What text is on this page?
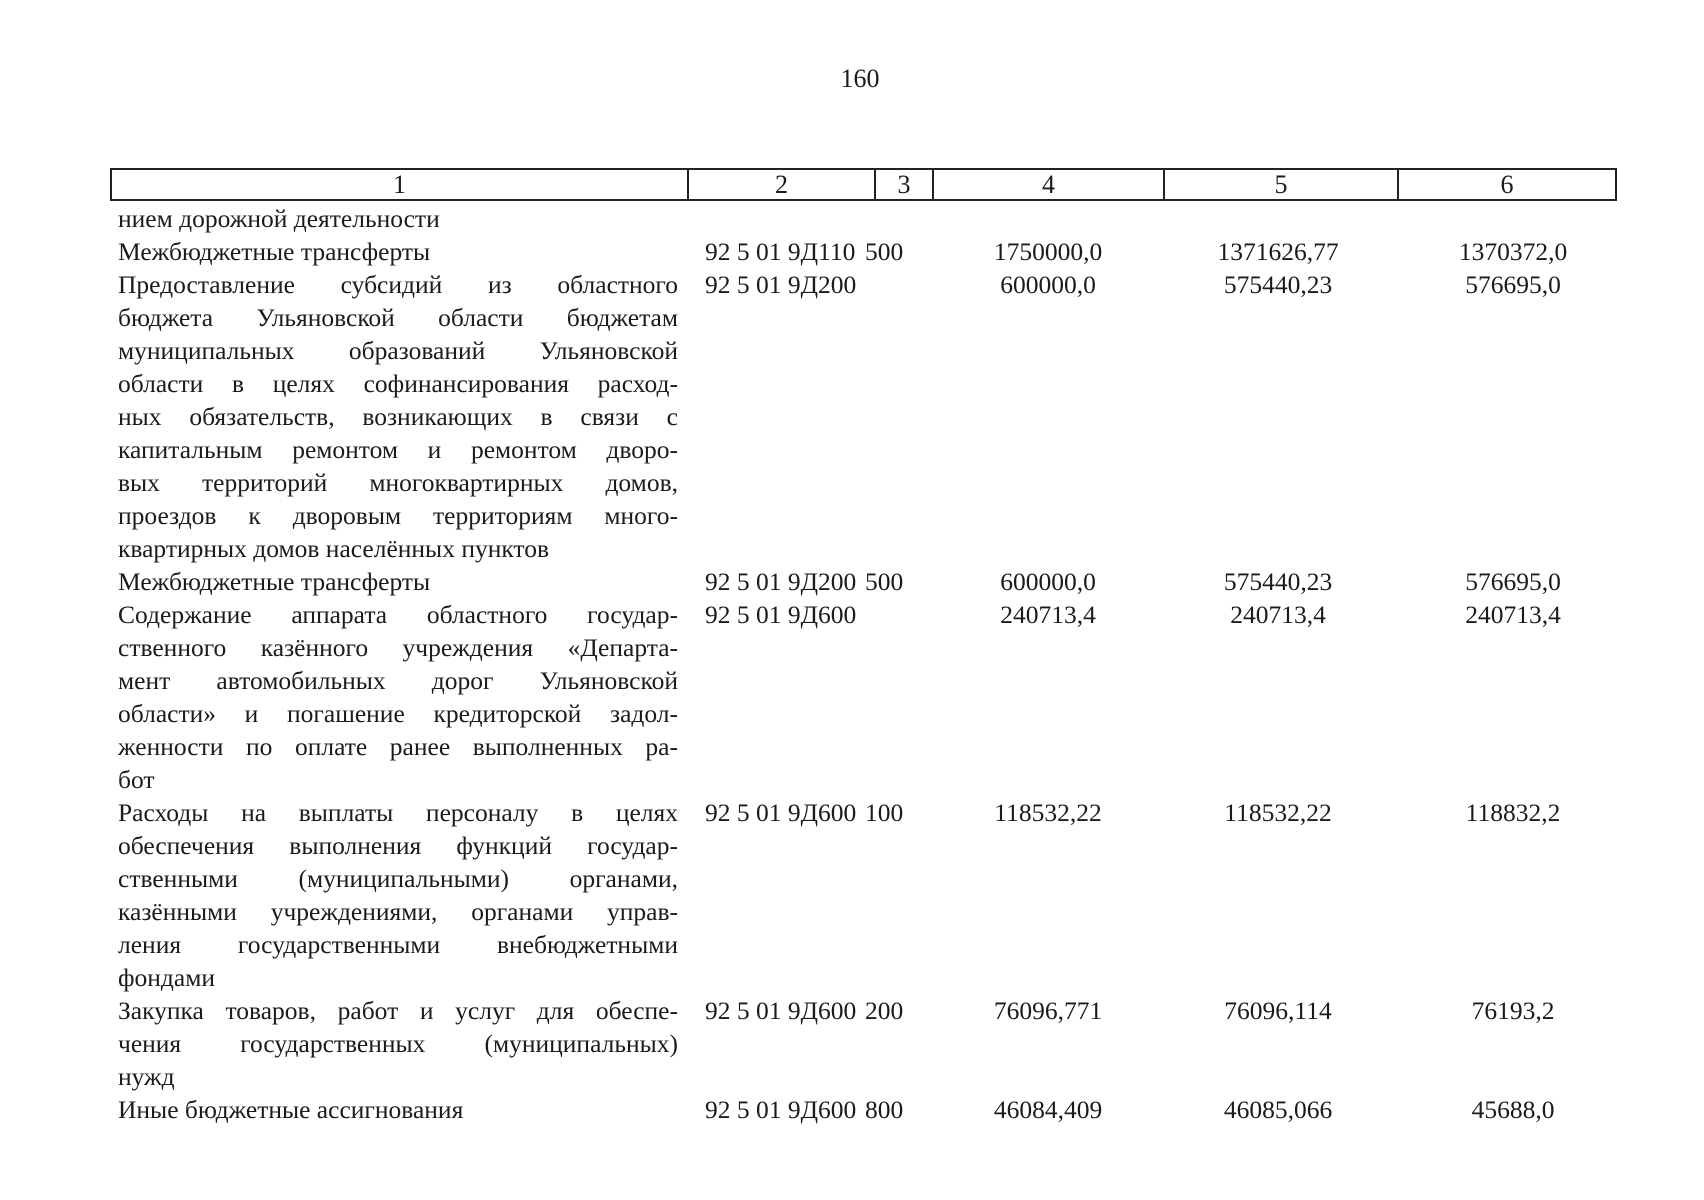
160
1	2	3	4	5	6
нием дорожной деятельности
Межбюджетные трансферты	92 5 01 9Д110 500	1750000,0	1371626,77	1370372,0
Предоставление субсидий из областного
бюджета Ульяновской области бюджетам
муниципальных образований Ульяновской
области в целях софинансирования расход-
ных обязательств, возникающих в связи с
капитальным ремонтом и ремонтом дворо-
вых территорий многоквартирных домов,
проездов к дворовым территориям много-
квартирных домов населённых пунктов
92 5 01 9Д200	600000,0	575440,23	576695,0
Межбюджетные трансферты	92 5 01 9Д200 500	600000,0	575440,23	576695,0
Содержание аппарата областного государ-
ственного казённого учреждения «Департа-
мент автомобильных дорог Ульяновской
области» и погашение кредиторской задол-
женности по оплате ранее выполненных ра-
бот
92 5 01 9Д600	240713,4	240713,4	240713,4
Расходы на выплаты персоналу в целях
обеспечения выполнения функций государ-
ственными (муниципальными) органами,
казёнными учреждениями, органами управ-
ления государственными внебюджетными
фондами
92 5 01 9Д600 100	118532,22	118532,22	118832,2
Закупка товаров, работ и услуг для обеспе-
чения государственных (муниципальных)
нужд
92 5 01 9Д600 200	76096,771	76096,114	76193,2
Иные бюджетные ассигнования	92 5 01 9Д600 800	46084,409	46085,066	45688,0
